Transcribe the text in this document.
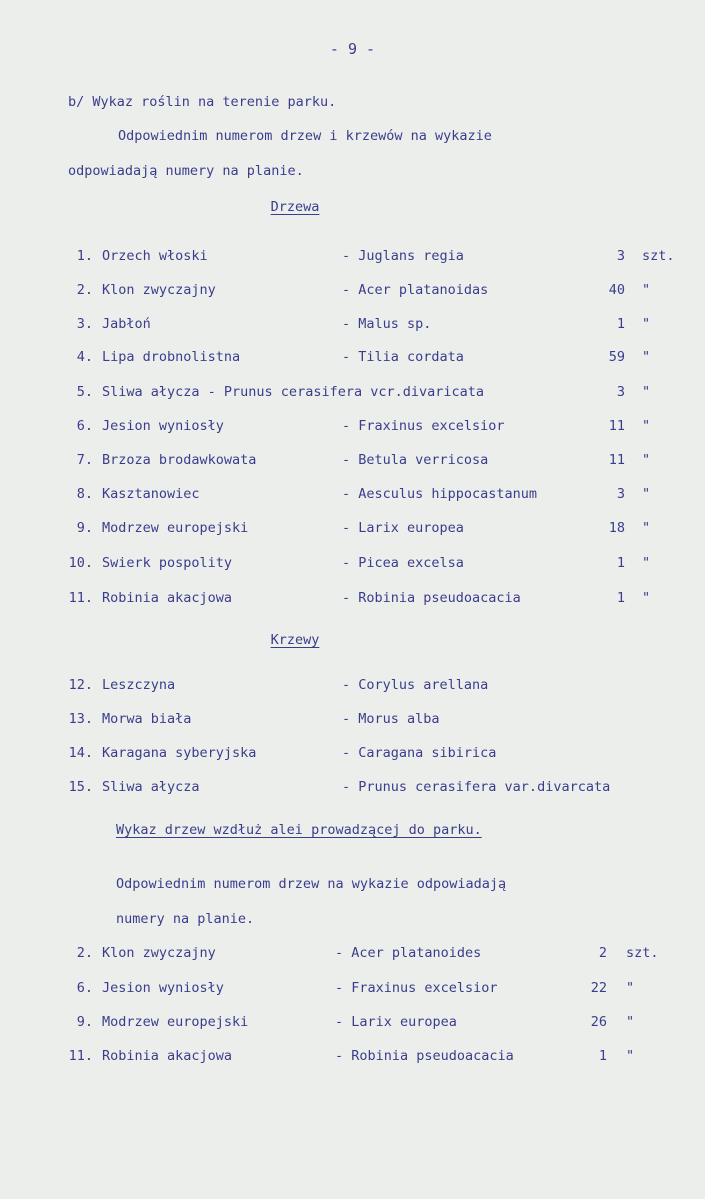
- 9 -
b/ Wykaz roślin na terenie parku.
Odpowiednim numerom drzew i krzewów na wykazie
odpowiadają numery na planie.
Drzewa
1. Orzech włoski	- Juglans regia	3 szt.
2. Klon zwyczajny	- Acer platanoidas	40 "
3. Jabłoń	- Malus sp.	1 "
4. Lipa drobnolistna	- Tilia cordata	59 "
5. Sliwa ałycza - Prunus cerasifera vcr.divaricata	3 "
6. Jesion wyniosły	- Fraxinus excelsior	11 "
7. Brzoza brodawkowata	- Betula verricosa	11 "
8. Kasztanowiec	- Aesculus hippocastanum	3 "
9. Modrzew europejski	- Larix europea	18 "
10. Swierk pospolity	- Picea excelsa	1 "
11. Robinia akacjowa	- Robinia pseudoacacia	1 "
Krzewy
12. Leszczyna	- Corylus arellana
13. Morwa biała	- Morus alba
14. Karagana syberyjska	- Caragana sibirica
15. Sliwa ałycza	- Prunus cerasifera var.divarcata
Wykaz drzew wzdłuż alei prowadzącej do parku.
Odpowiednim numerom drzew na wykazie odpowiadają
numery na planie.
2. Klon zwyczajny	- Acer platanoides	2 szt.
6. Jesion wyniosły	- Fraxinus excelsior	22 "
9. Modrzew europejski	- Larix europea	26 "
11. Robinia akacjowa	- Robinia pseudoacacia	1 "
